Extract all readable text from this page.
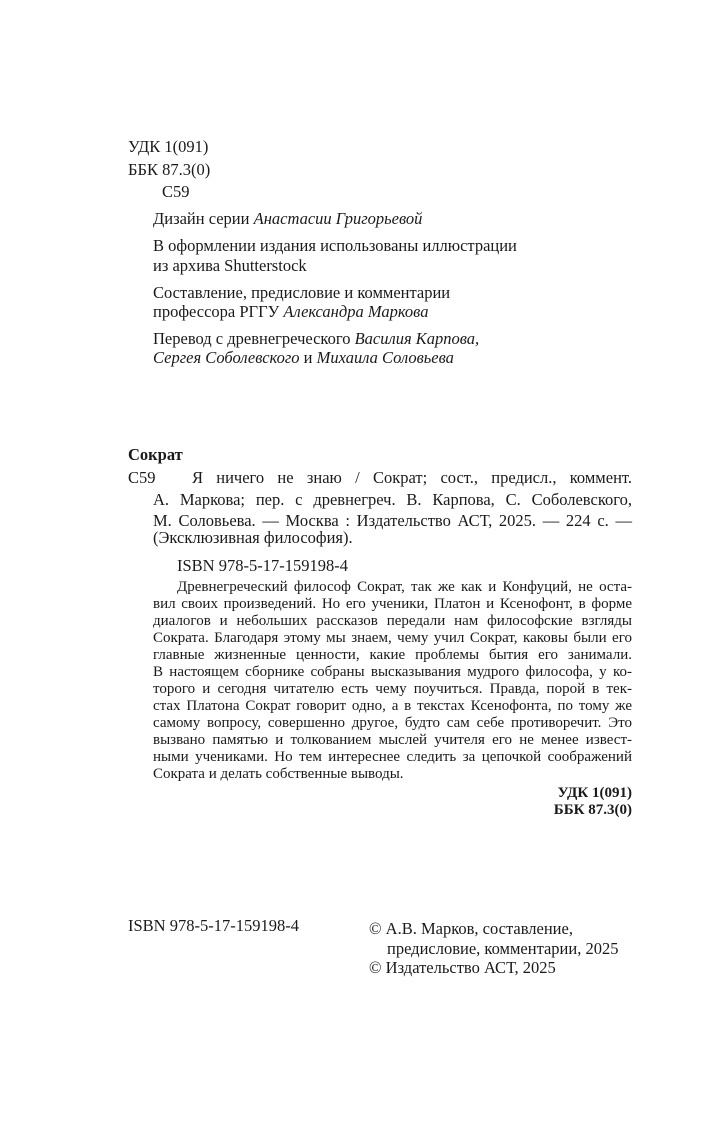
УДК 1(091)
ББК 87.3(0)
С59
Дизайн серии Анастасии Григорьевой
В оформлении издания использованы иллюстрации
из архива Shutterstock
Составление, предисловие и комментарии
профессора РГГУ Александра Маркова
Перевод с древнегреческого Василия Карпова,
Сергея Соболевского и Михаила Соловьева
Сократ
С59 Я ничего не знаю / Сократ; сост., предисл., коммент.
А. Маркова; пер. с древнегреч. В. Карпова, С. Соболевского,
М. Соловьева. — Москва : Издательство АСТ, 2025. — 224 с. —
(Эксклюзивная философия).
ISBN 978-5-17-159198-4
Древнегреческий философ Сократ, так же как и Конфуций, не оста-
вил своих произведений. Но его ученики, Платон и Ксенофонт, в форме
диалогов и небольших рассказов передали нам философские взгляды
Сократа. Благодаря этому мы знаем, чему учил Сократ, каковы были его
главные жизненные ценности, какие проблемы бытия его занимали.
В настоящем сборнике собраны высказывания мудрого философа, у ко-
торого и сегодня читателю есть чему поучиться. Правда, порой в тек-
стах Платона Сократ говорит одно, а в текстах Ксенофонта, по тому же
самому вопросу, совершенно другое, будто сам себе противоречит. Это
вызвано памятью и толкованием мыслей учителя его не менее извест-
ными учениками. Но тем интереснее следить за цепочкой соображений
Сократа и делать собственные выводы.
УДК 1(091)
ББК 87.3(0)
ISBN 978-5-17-159198-4	© А.В. Марков, составление,
предисловие, комментарии, 2025
© Издательство АСТ, 2025
